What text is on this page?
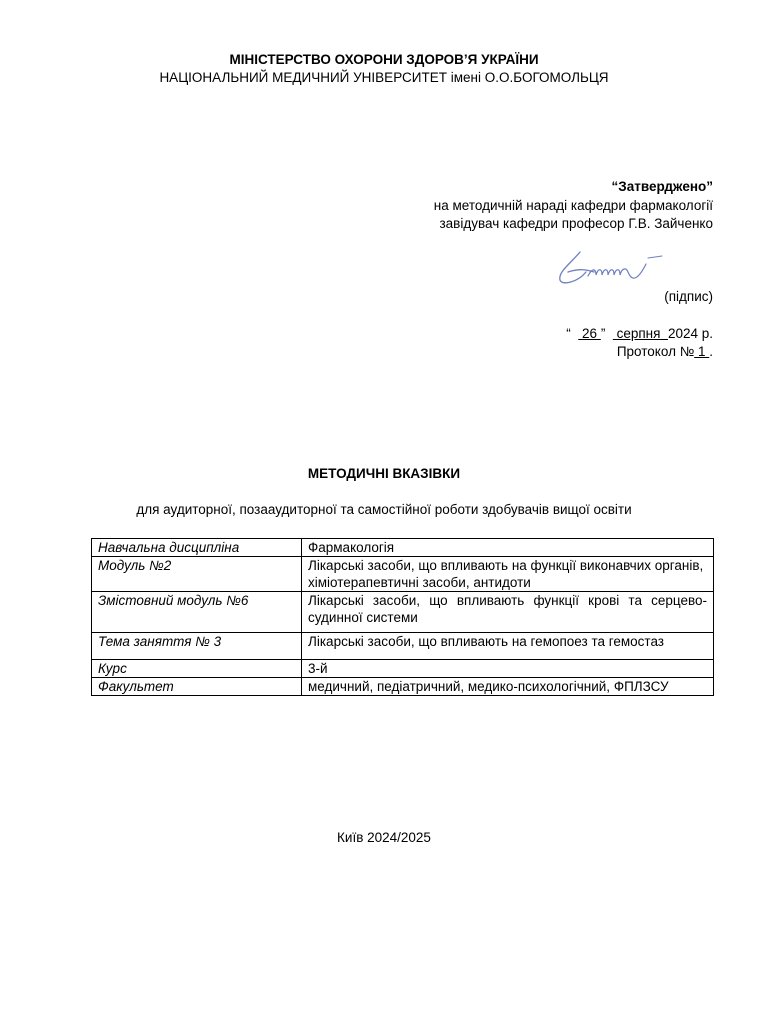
МІНІСТЕРСТВО ОХОРОНИ ЗДОРОВ’Я УКРАЇНИ
НАЦІОНАЛЬНИЙ МЕДИЧНИЙ УНІВЕРСИТЕТ імені О.О.БОГОМОЛЬЦЯ
“Затверджено”
на методичній нараді кафедри фармакології
завідувач кафедри професор Г.В. Зайченко
(підпис)
“ 26 ” серпня 2024 р.
Протокол № 1 .
МЕТОДИЧНІ ВКАЗІВКИ
для аудиторної, позааудиторної та самостійної роботи здобувачів вищої освіти
Навчальна дисципліна	Фармакологія
Модуль №2	Лікарські засоби, що впливають на функції виконавчих органів, хіміотерапевтичні засоби, антидоти
Змістовний модуль №6	Лікарські засоби, що впливають функції крові та серцево-судинної системи
Тема заняття № 3	Лікарські засоби, що впливають на гемопоез та гемостаз
Курс	3-й
Факультет	медичний, педіатричний, медико-психологічний, ФПЛЗСУ
Київ 2024/2025
